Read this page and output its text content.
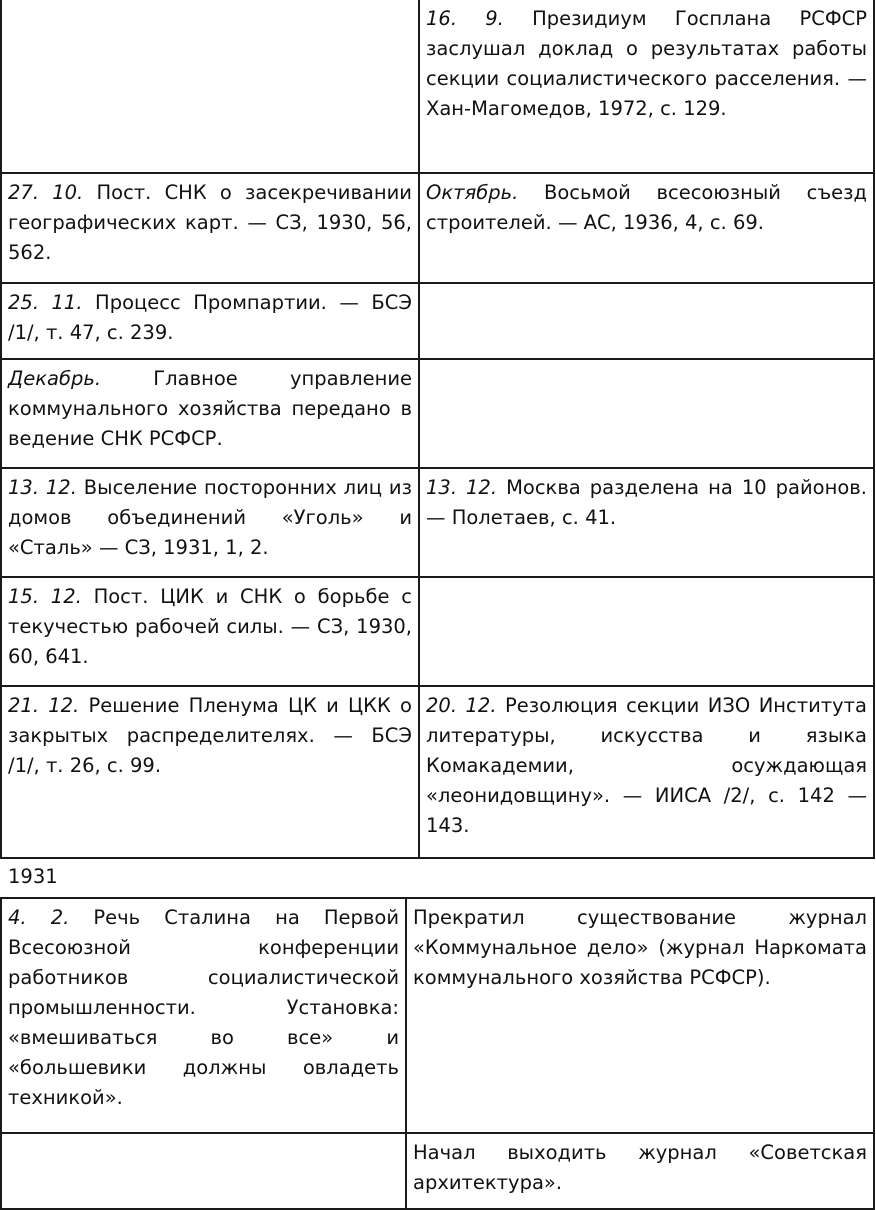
	16. 9. Президиум Госплана РСФСР заслушал доклад о результатах работы секции социалистического расселения. — Хан-Магомедов, 1972, с. 129.
27. 10. Пост. СНК о засекречивании географических карт. — СЗ, 1930, 56, 562.	Октябрь. Восьмой всесоюзный съезд строителей. — АС, 1936, 4, с. 69.
25. 11. Процесс Промпартии. — БСЭ /1/, т. 47, с. 239.	
Декабрь. Главное управление коммунального хозяйства передано в ведение СНК РСФСР.	
13. 12. Выселение посторонних лиц из домов объединений «Уголь» и «Сталь» — СЗ, 1931, 1, 2.	13. 12. Москва разделена на 10 районов. — Полетаев, с. 41.
15. 12. Пост. ЦИК и СНК о борьбе с текучестью рабочей силы. — СЗ, 1930, 60, 641.	
21. 12. Решение Пленума ЦК и ЦКК о закрытых распределителях. — БСЭ /1/, т. 26, с. 99.	20. 12. Резолюция секции ИЗО Института литературы, искусства и языка Комакадемии, осуждающая «леонидовщину». — ИИСА /2/, с. 142 — 143.
1931
4. 2. Речь Сталина на Первой Всесоюзной конференции работников социалистической промышленности. Установка: «вмешиваться во все» и «большевики должны овладеть техникой».	Прекратил существование журнал «Коммунальное дело» (журнал Наркомата коммунального хозяйства РСФСР).
	Начал выходить журнал «Советская архитектура».
